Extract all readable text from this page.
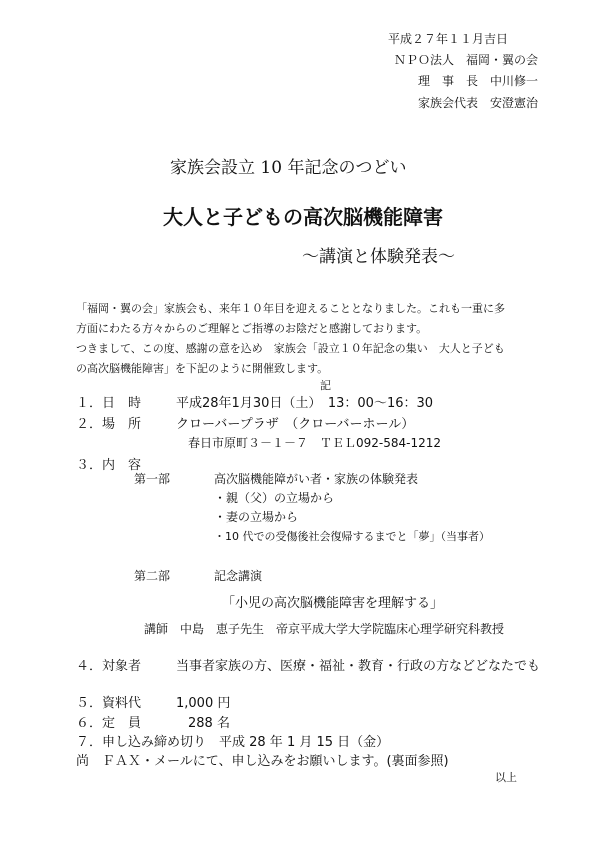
平成２７年１１月吉日
ＮＰＯ法人　福岡・翼の会
理　事　長　中川修一
家族会代表　安澄憲治
家族会設立 10 年記念のつどい
大人と子どもの高次脳機能障害
～講演と体験発表～
「福岡・翼の会」家族会も、来年１０年目を迎えることとなりました。これも一重に多
方面にわたる方々からのご理解とご指導のお陰だと感謝しております。
つきまして、この度、感謝の意を込め　家族会「設立１０年記念の集い　大人と子ども
の高次脳機能障害」を下記のように開催致します。
記
１．日　時	平成28年1月30日（土）　13：00～16：30
２．場　所	クローバープラザ　（クローバーホール）
春日市原町３－１－７　ＴＥＬ092-584-1212
３．内　容
第一部	高次脳機能障がい者・家族の体験発表
・親（父）の立場から
・妻の立場から
・10 代での受傷後社会復帰するまでと「夢」（当事者）
第二部	記念講演
「小児の高次脳機能障害を理解する」
講師　中島　恵子先生　帝京平成大学大学院臨床心理学研究科教授
４．対象者	当事者家族の方、医療・福祉・教育・行政の方などどなたでも
５．資料代	1,000 円
６．定　員	288 名
７．申し込み締め切り　平成 28 年 1 月 15 日（金）
尚　ＦＡＸ・メールにて、申し込みをお願いします。(裏面参照)
以上
